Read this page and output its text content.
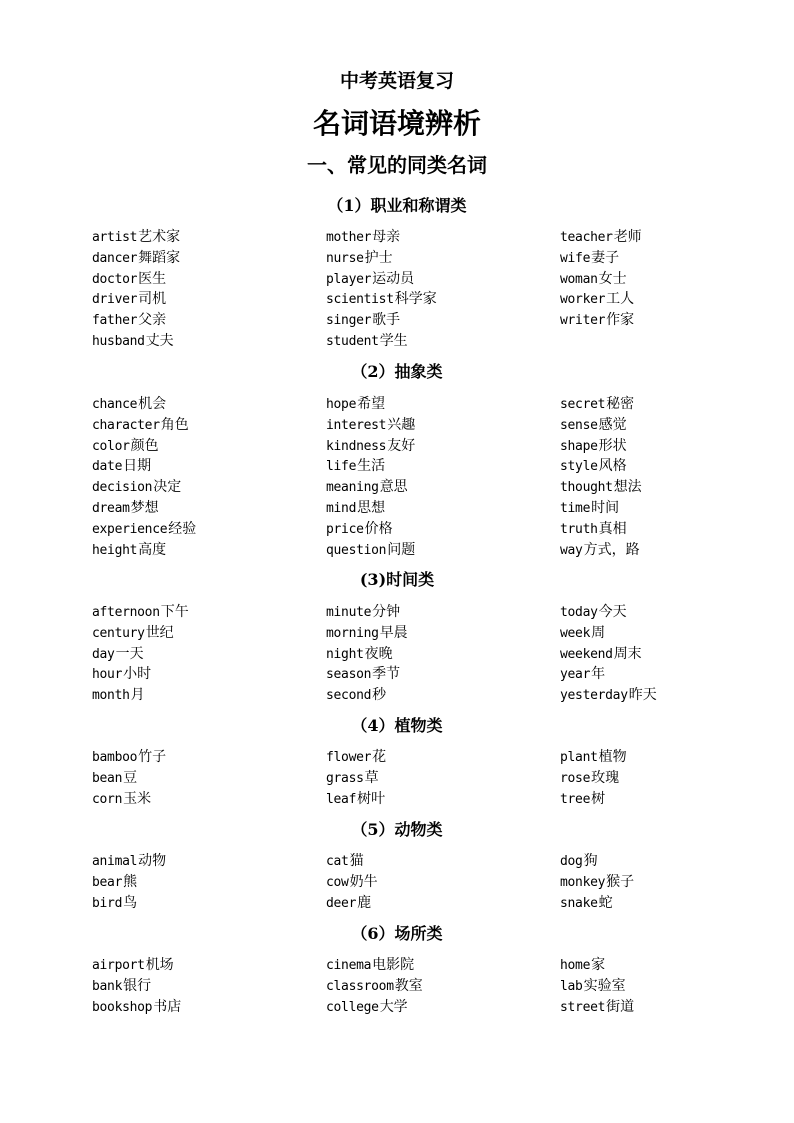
中考英语复习
名词语境辨析
一、常见的同类名词
（1）职业和称谓类
artist艺术家
dancer舞蹈家
doctor医生
driver司机
father父亲
husband丈夫
mother母亲
nurse护士
player运动员
scientist科学家
singer歌手
student学生
teacher老师
wife妻子
woman女士
worker工人
writer作家
（2）抽象类
chance机会
character角色
color颜色
date日期
decision决定
dream梦想
experience经验
height高度
hope希望
interest兴趣
kindness友好
life生活
meaning意思
mind思想
price价格
question问题
secret秘密
sense感觉
shape形状
style风格
thought想法
time时间
truth真相
way方式，路
(3)时间类
afternoon下午
century世纪
day一天
hour小时
month月
minute分钟
morning早晨
night夜晚
season季节
second秒
today今天
week周
weekend周末
year年
yesterday昨天
（4）植物类
bamboo竹子
bean豆
corn玉米
flower花
grass草
leaf树叶
plant植物
rose玫瑰
tree树
（5）动物类
animal动物
bear熊
bird鸟
cat猫
cow奶牛
deer鹿
dog狗
monkey猴子
snake蛇
（6）场所类
airport机场
bank银行
bookshop书店
cinema电影院
classroom教室
college大学
home家
lab实验室
street街道
